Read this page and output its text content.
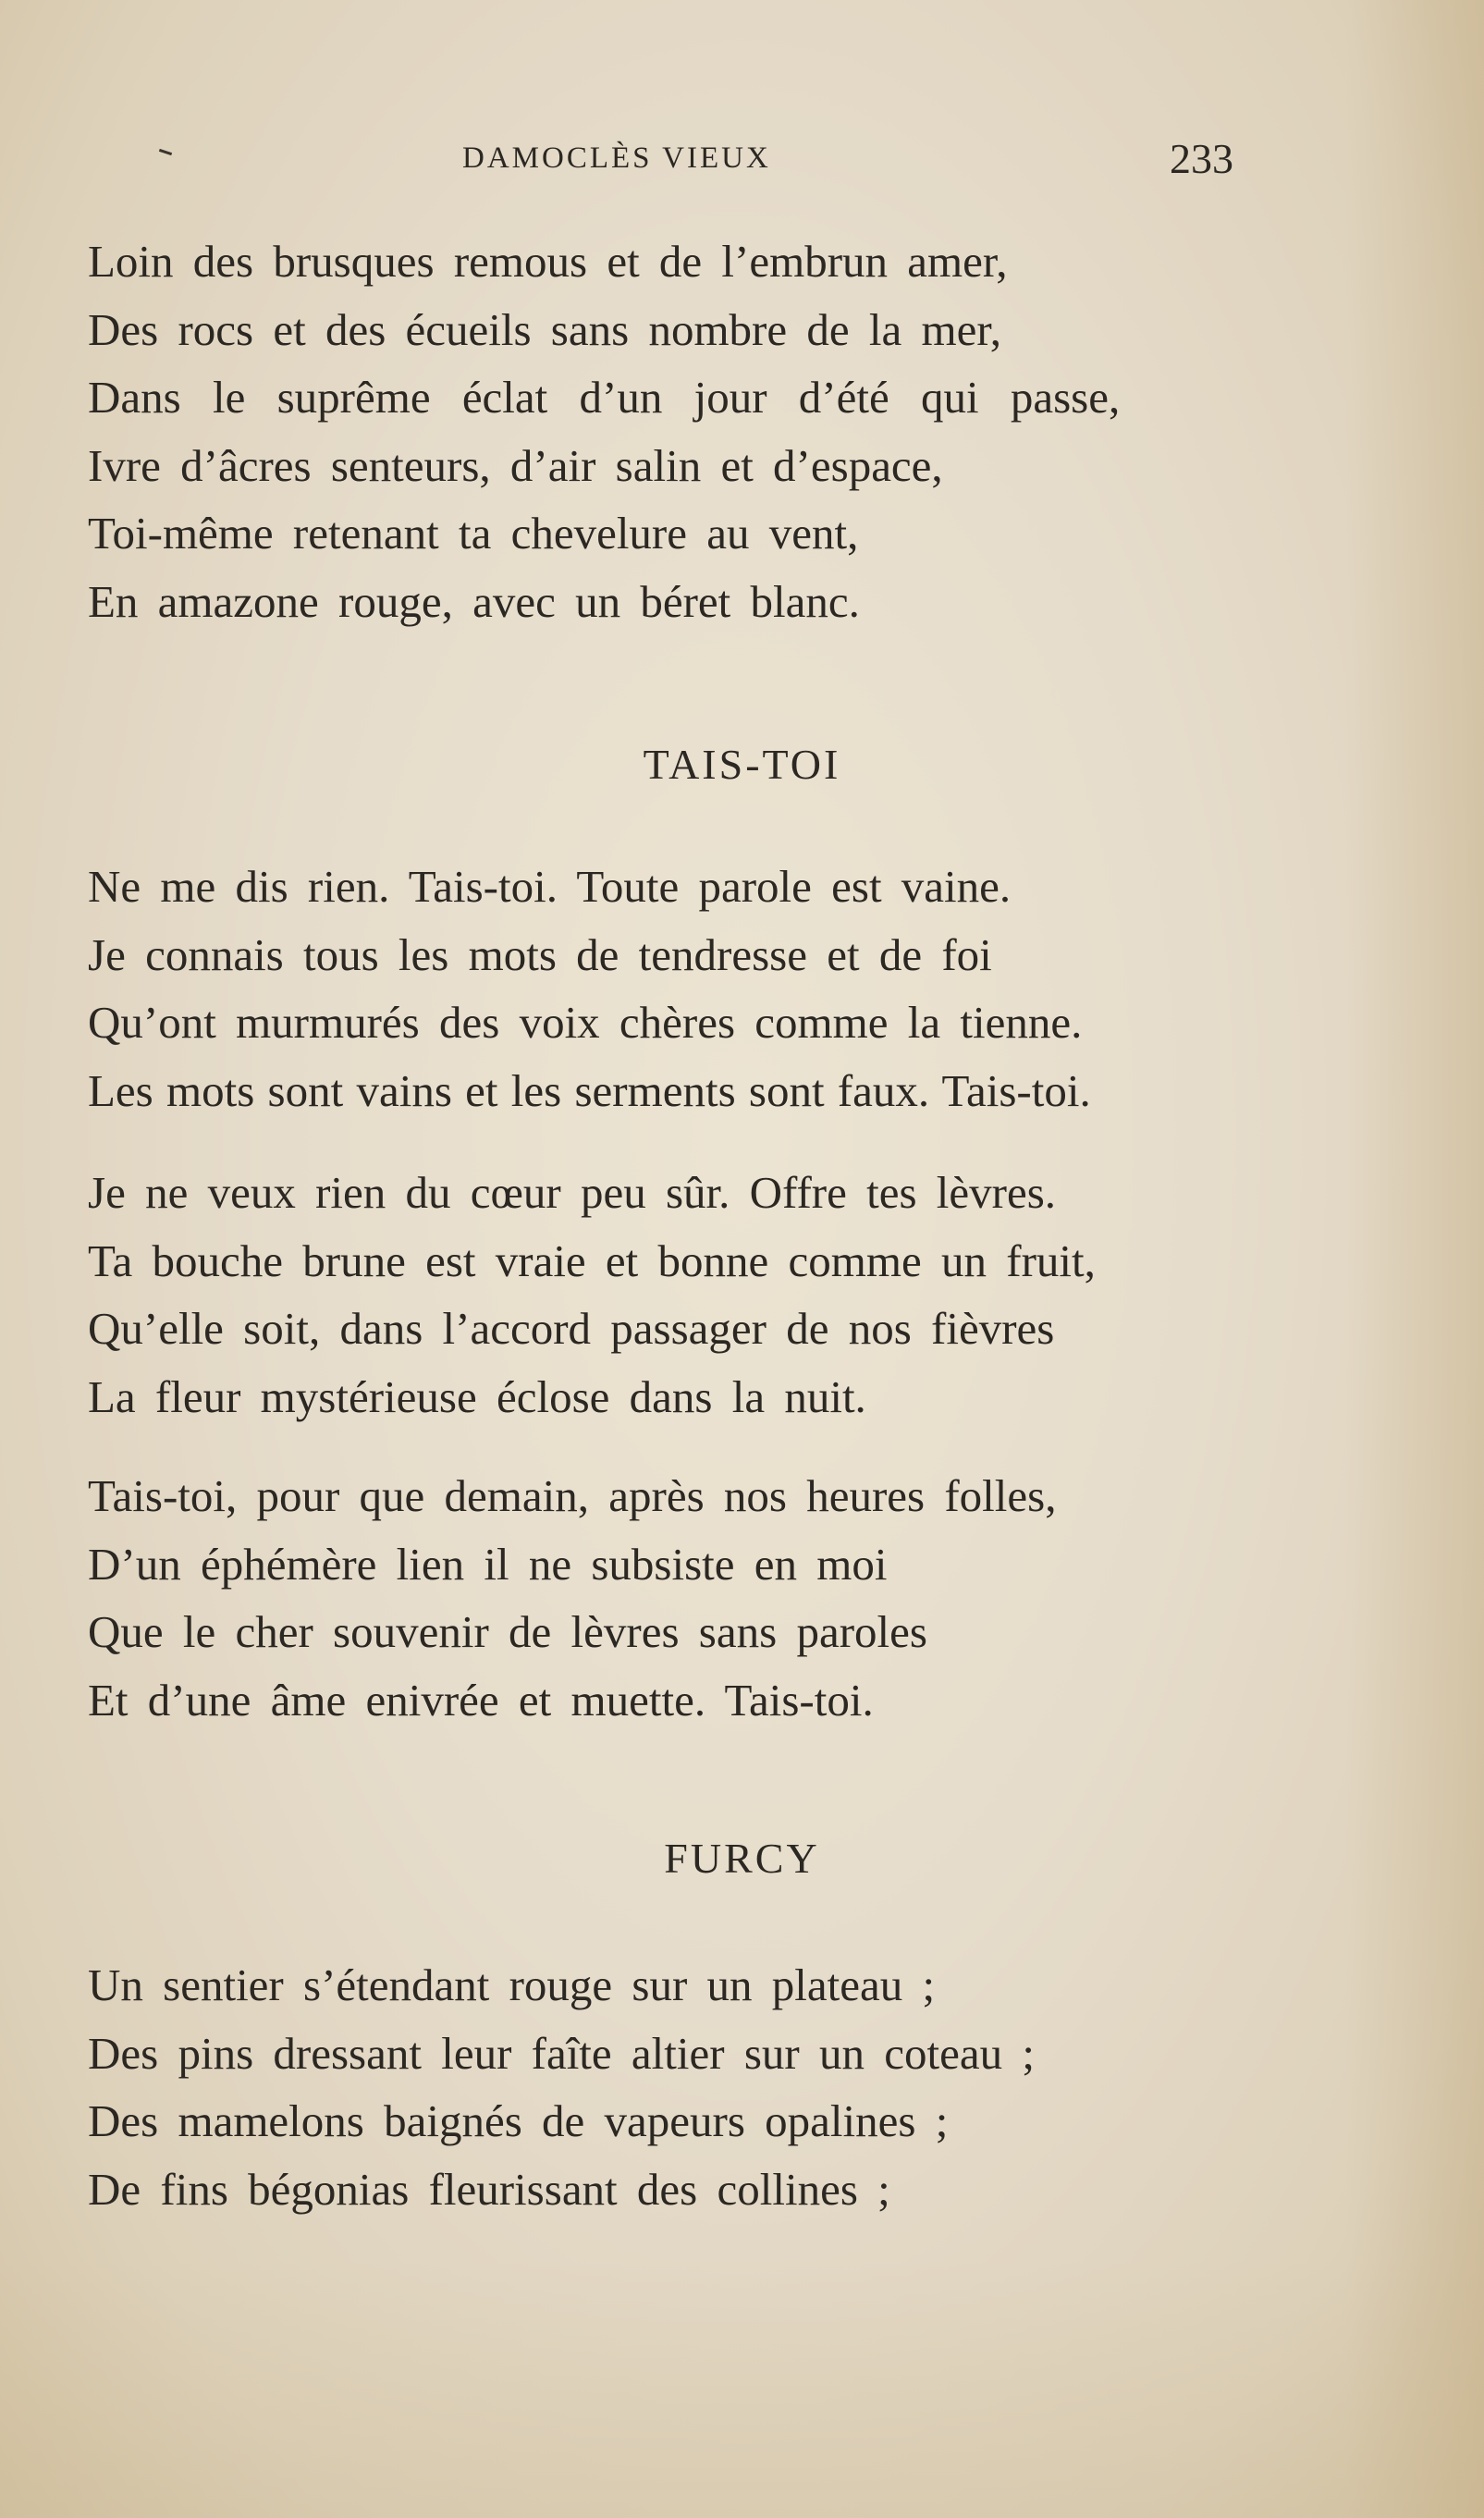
DAMOCLÈS VIEUX	233
Loin des brusques remous et de l’embrun amer,
Des rocs et des écueils sans nombre de la mer,
Dans le suprême éclat d’un jour d’été qui passe,
Ivre d’âcres senteurs, d’air salin et d’espace,
Toi-même retenant ta chevelure au vent,
En amazone rouge, avec un béret blanc.
TAIS-TOI
Ne me dis rien. Tais-toi. Toute parole est vaine.
Je connais tous les mots de tendresse et de foi
Qu’ont murmurés des voix chères comme la tienne.
Les mots sont vains et les serments sont faux. Tais-toi.
Je ne veux rien du cœur peu sûr. Offre tes lèvres.
Ta bouche brune est vraie et bonne comme un fruit,
Qu’elle soit, dans l’accord passager de nos fièvres
La fleur mystérieuse éclose dans la nuit.
Tais-toi, pour que demain, après nos heures folles,
D’un éphémère lien il ne subsiste en moi
Que le cher souvenir de lèvres sans paroles
Et d’une âme enivrée et muette. Tais-toi.
FURCY
Un sentier s’étendant rouge sur un plateau ;
Des pins dressant leur faîte altier sur un coteau ;
Des mamelons baignés de vapeurs opalines ;
De fins bégonias fleurissant des collines ;
